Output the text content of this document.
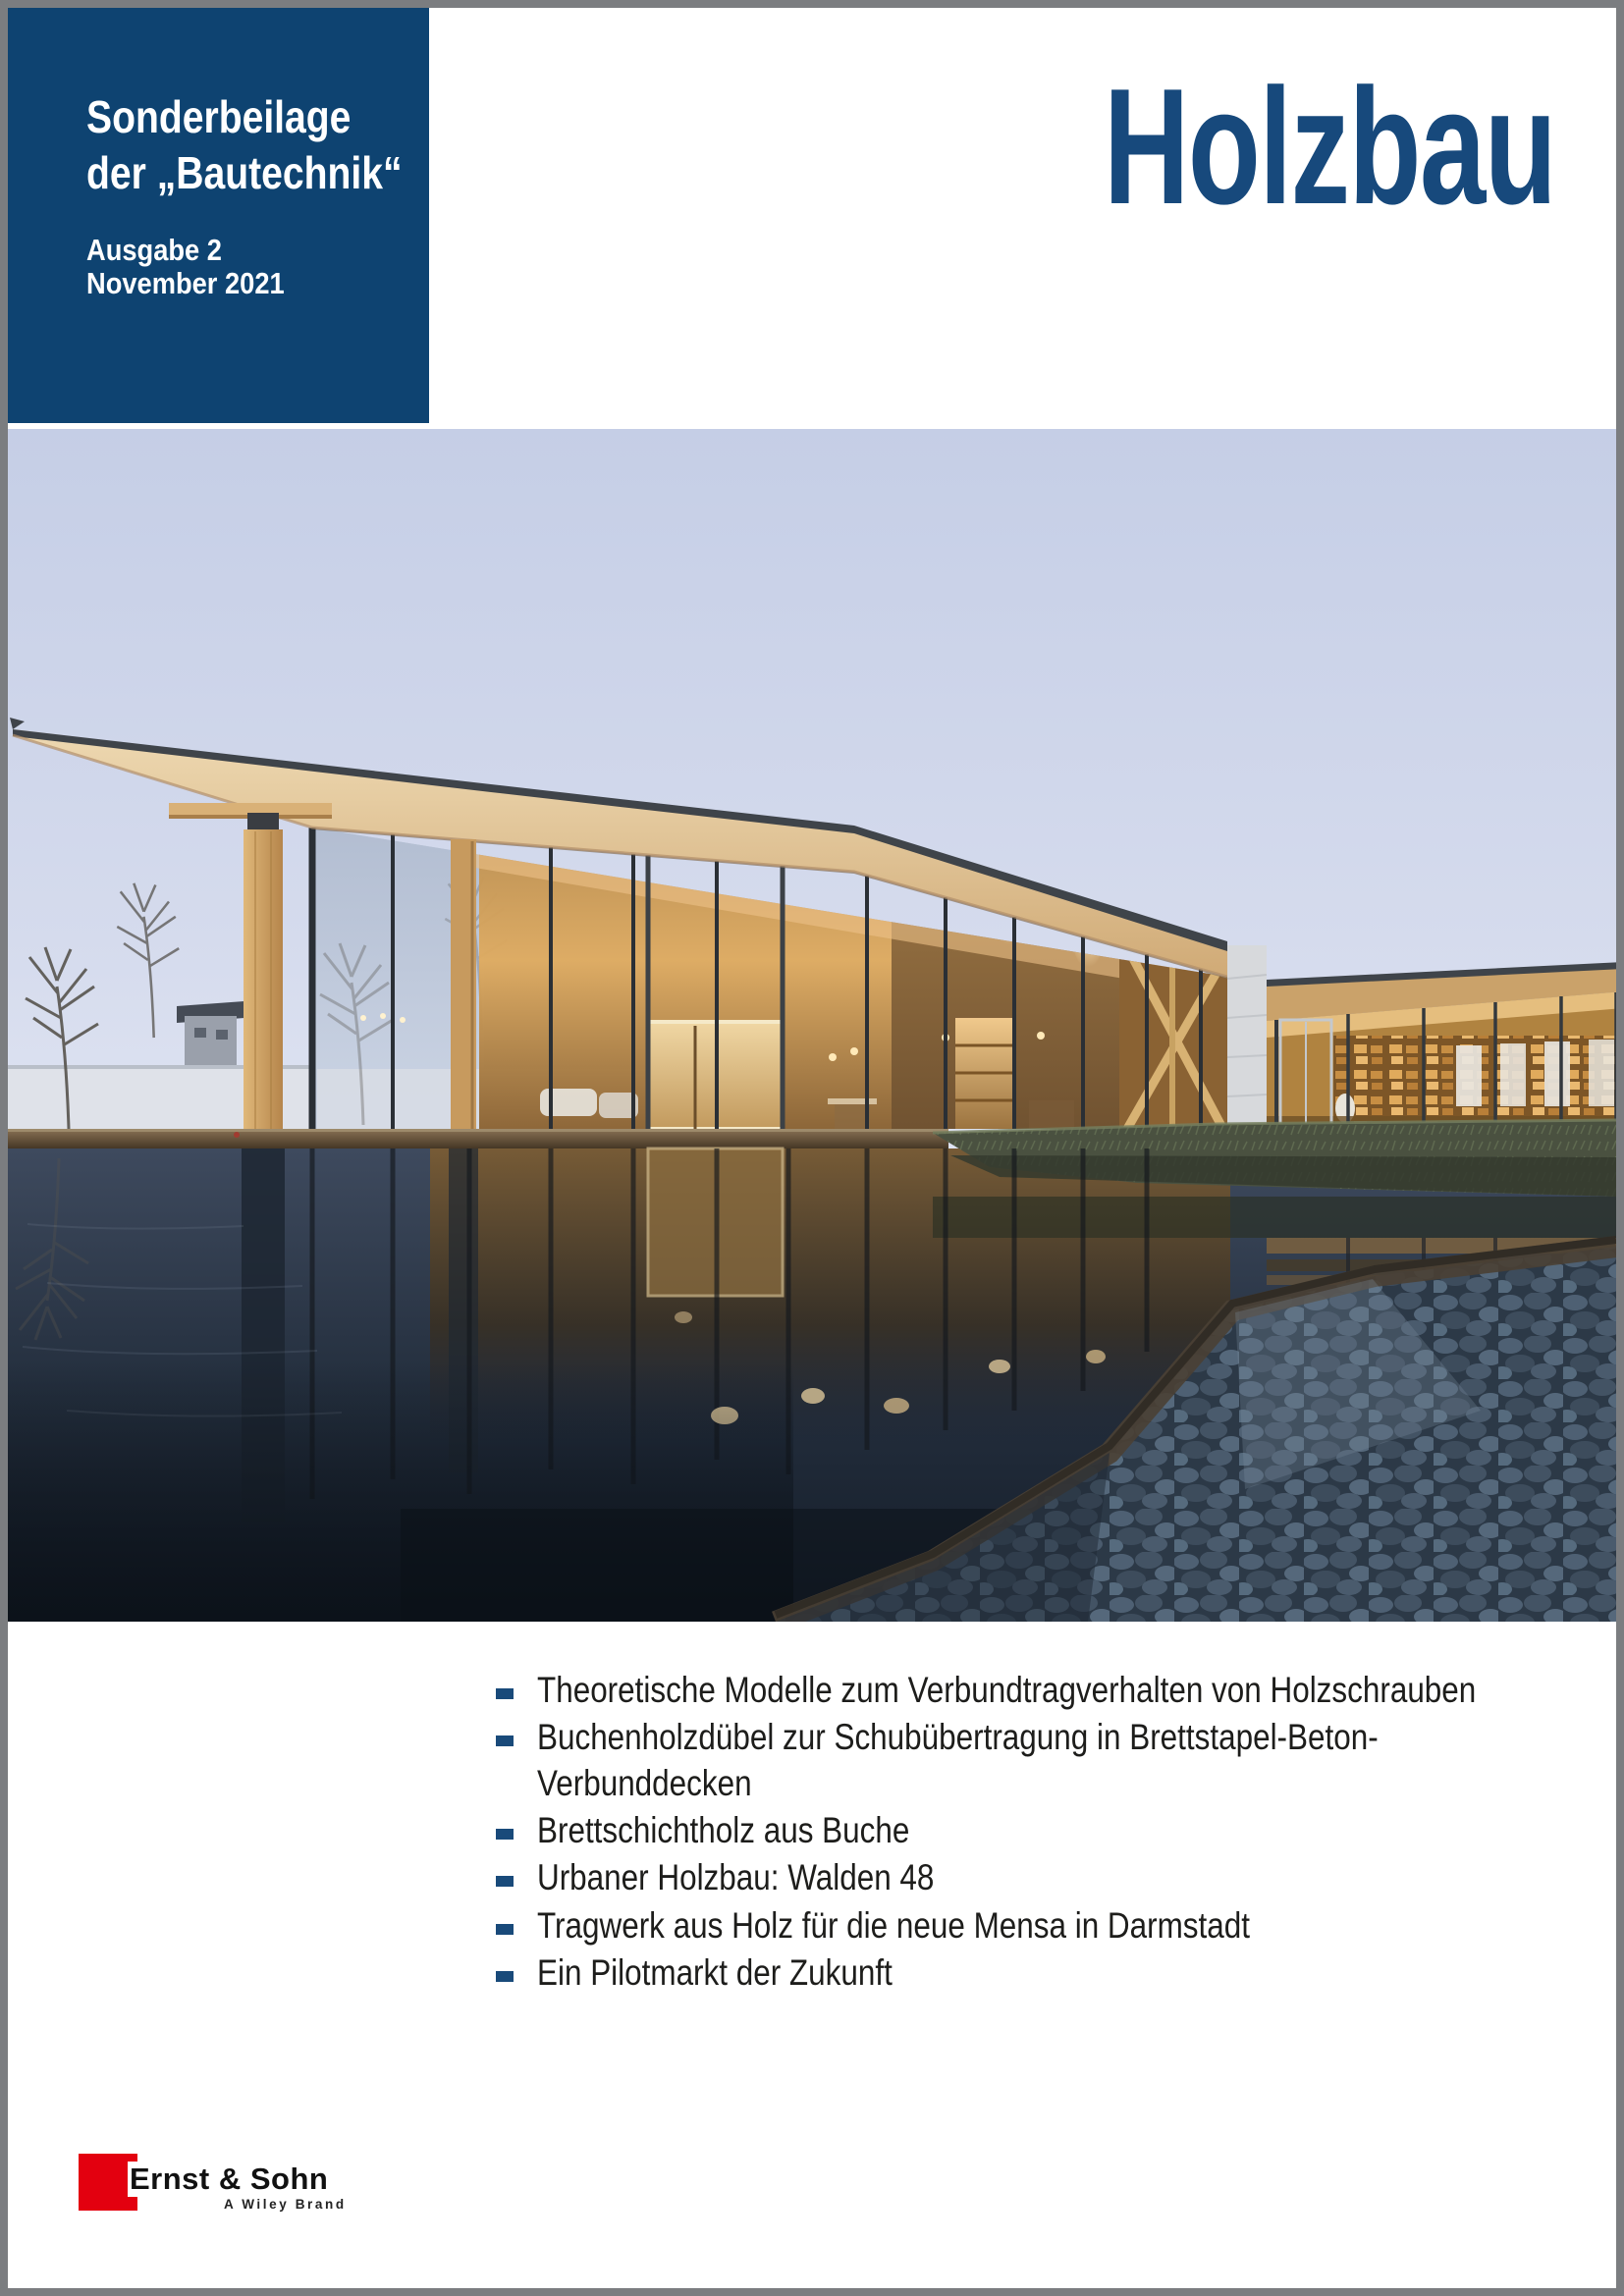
Sonderbeilage
der „Bautechnik“
Ausgabe 2
November 2021
Holzbau
Theoretische Modelle zum Verbundtragverhalten von Holzschrauben
Buchenholzdübel zur Schubübertragung in Brettstapel-Beton-
Verbunddecken
Brettschichtholz aus Buche
Urbaner Holzbau: Walden 48
Tragwerk aus Holz für die neue Mensa in Darmstadt
Ein Pilotmarkt der Zukunft
Ernst & Sohn
A Wiley Brand
